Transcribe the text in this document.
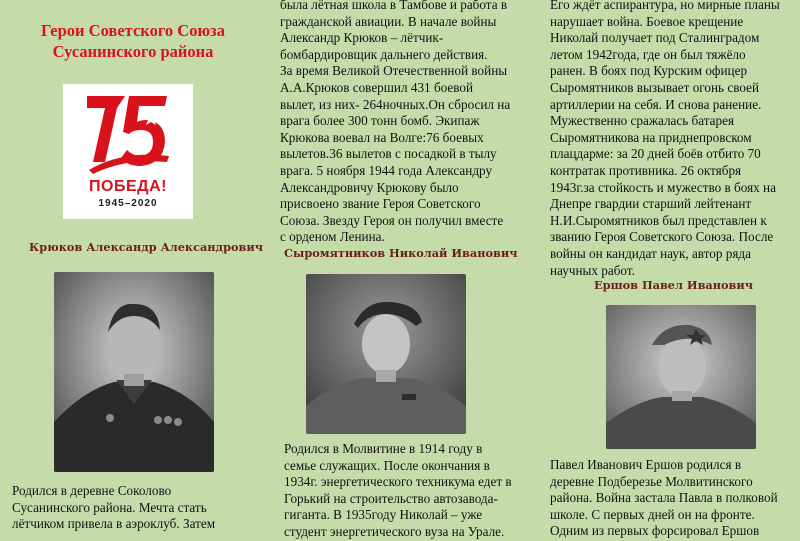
Герои Советского Союза
Сусанинского района
ПОБЕДА!
1945–2020
Крюков Александр Александрович

Родился в деревне Соколово
Сусанинского района. Мечта стать
лётчиком привела в аэроклуб. Затем

была лётная школа в Тамбове и работа в
гражданской авиации. В начале войны
Александр Крюков – лётчик-
бомбардировщик дальнего действия.
За время Великой Отечественной войны
А.А.Крюков совершил 431 боевой
вылет, из них- 264ночных.Он сбросил на
врага более 300 тонн бомб. Экипаж
Крюкова воевал на Волге:76 боевых
вылетов.36 вылетов с посадкой в тылу
врага. 5 ноября 1944 года Александру
Александровичу Крюкову было
присвоено звание Героя Советского
Союза. Звезду Героя он получил вместе
с орденом Ленина.

Сыромятников Николай Иванович

Родился в Молвитине в 1914 году в
семье служащих. После окончания в
1934г. энергетического техникума едет в
Горький на строительство автозавода-
гиганта. В 1935году Николай – уже
студент энергетического вуза на Урале.

Его ждёт аспирантура, но мирные планы
нарушает война. Боевое крещение
Николай получает под Сталинградом
летом 1942года, где он был тяжёло
ранен. В боях под Курским офицер
Сыромятников вызывает огонь своей
артиллерии на себя. И снова ранение.
Мужественно сражалась батарея
Сыромятникова на приднепровском
плацдарме: за 20 дней боёв отбито 70
контратак противника. 26 октября
1943г.за стойкость и мужество в боях на
Днепре гвардии старший лейтенант
Н.И.Сыромятников был представлен к
званию Героя Советского Союза. После
войны он кандидат наук, автор ряда
научных работ.

Ершов Павел Иванович

Павел Иванович Ершов родился в
деревне Подберезье Молвитинского
района. Война застала Павла в полковой
школе. С первых дней он на фронте.
Одним из первых форсировал Ершов
